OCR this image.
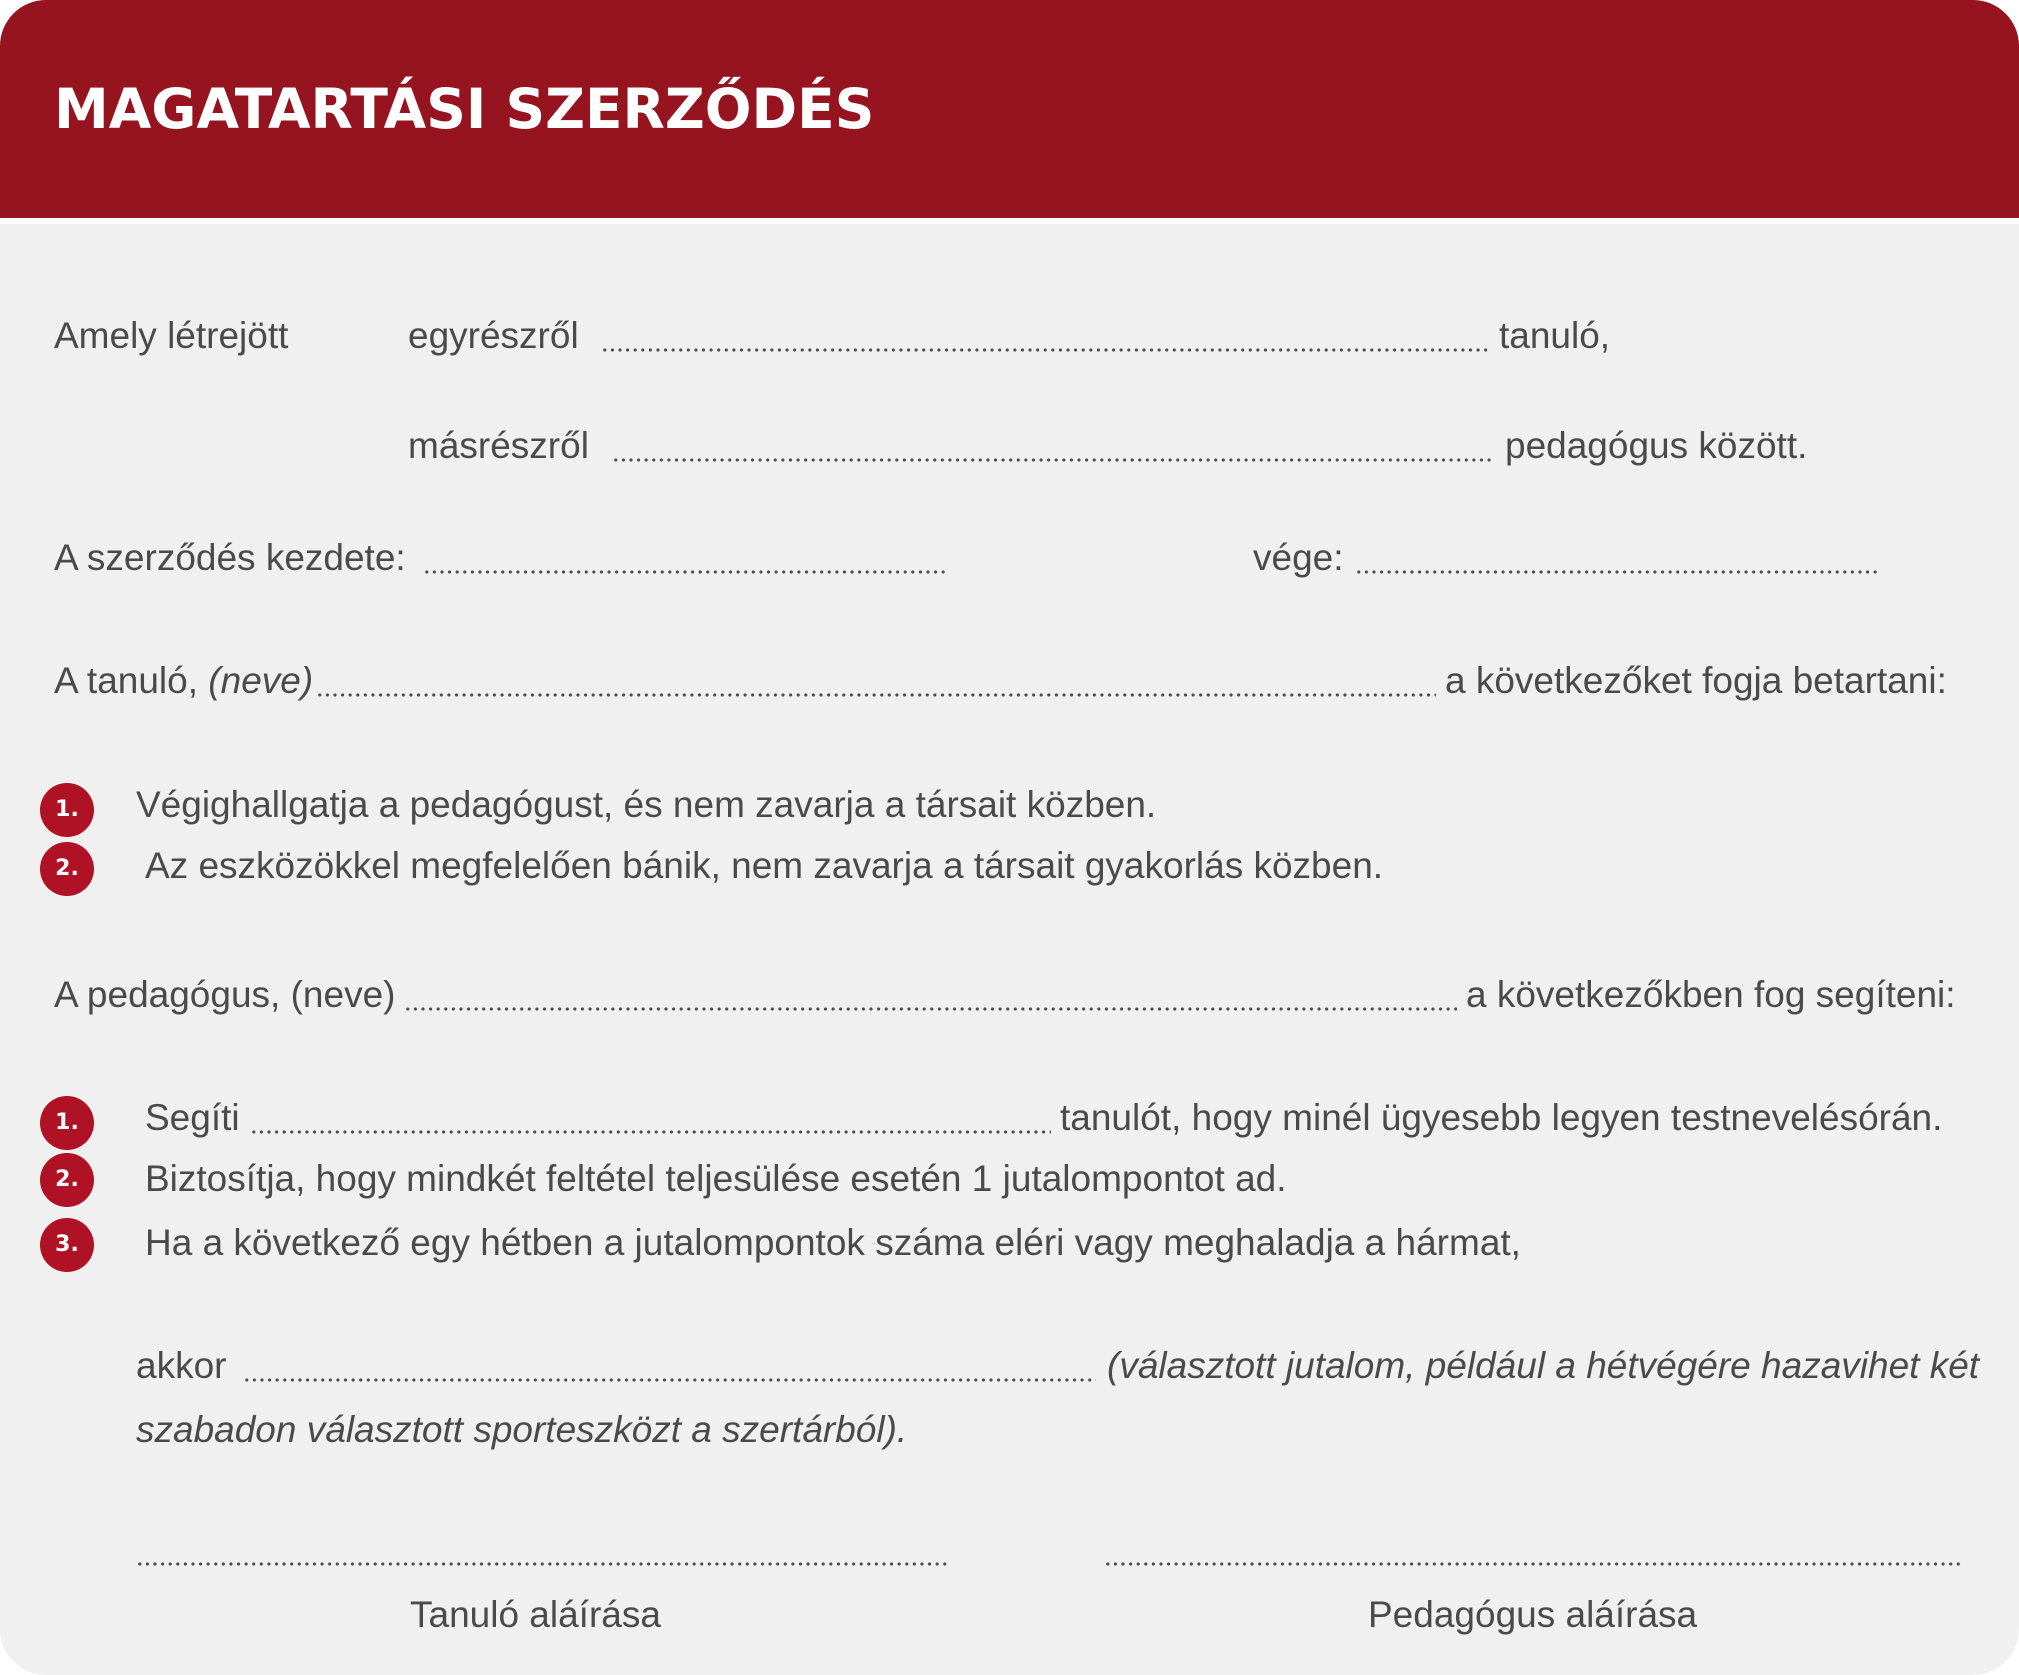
MAGATARTÁSI SZERZŐDÉS
Amely létrejött	egyrészről	tanuló,
másrészről	pedagógus között.
A szerződés kezdete:	vége:
A tanuló, (neve)	a következőket fogja betartani:
1.	Végighallgatja a pedagógust, és nem zavarja a társait közben.
2.	Az eszközökkel megfelelően bánik, nem zavarja a társait gyakorlás közben.
A pedagógus, (neve)	a következőkben fog segíteni:
1.	Segíti	tanulót, hogy minél ügyesebb legyen testnevelésórán.
2.	Biztosítja, hogy mindkét feltétel teljesülése esetén 1 jutalompontot ad.
3.	Ha a következő egy hétben a jutalompontok száma eléri vagy meghaladja a hármat,
akkor	(választott jutalom, például a hétvégére hazavihet két
szabadon választott sporteszközt a szertárból).
Tanuló aláírása	Pedagógus aláírása
